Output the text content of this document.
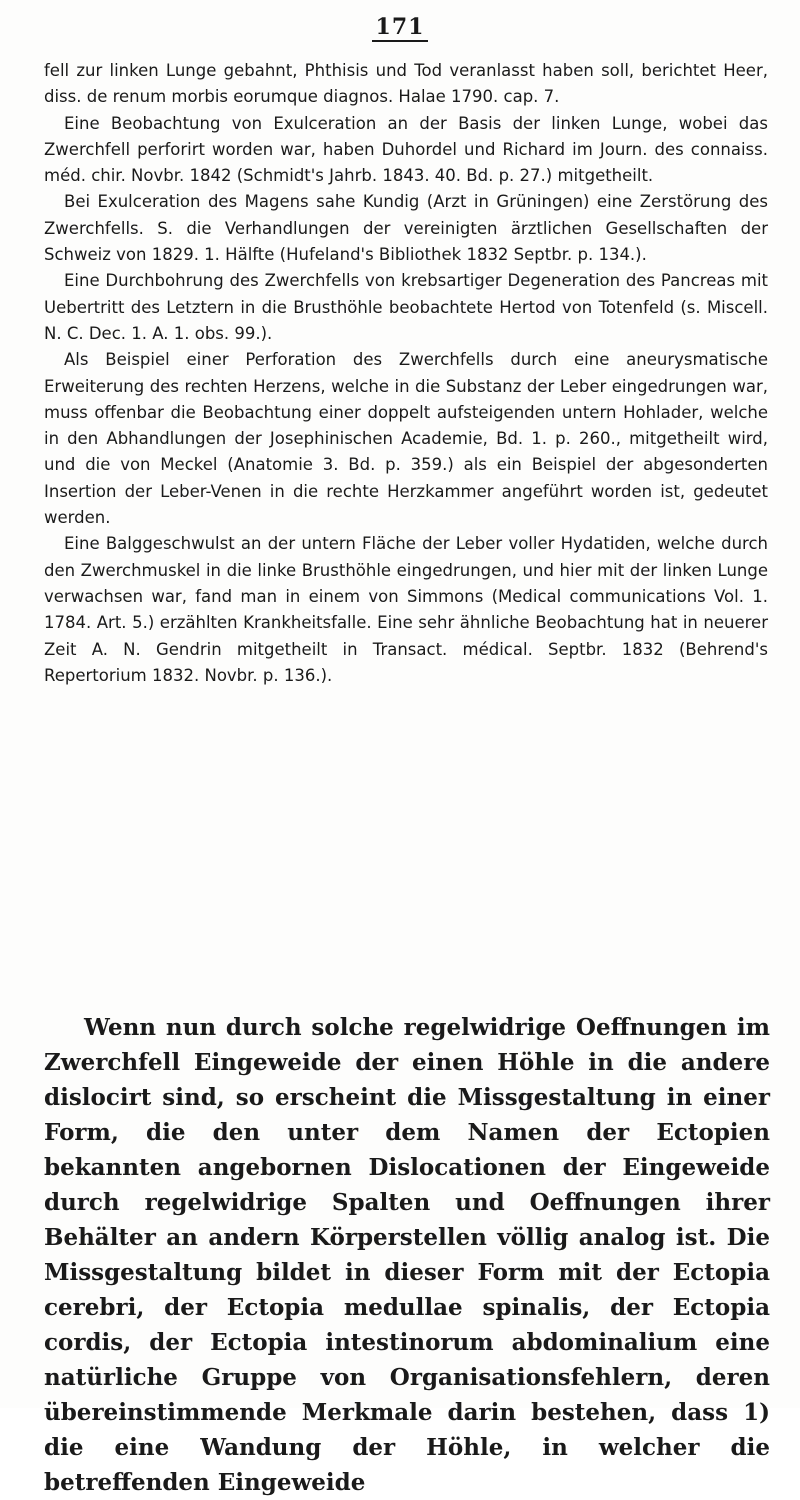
171

fell zur linken Lunge gebahnt, Phthisis und Tod veranlasst haben soll, berichtet Heer, diss. de renum morbis eorumque diagnos. Halae 1790. cap. 7.

Eine Beobachtung von Exulceration an der Basis der linken Lunge, wobei das Zwerchfell perforirt worden war, haben Duhordel und Richard im Journ. des connaiss. méd. chir. Novbr. 1842 (Schmidt's Jahrb. 1843. 40. Bd. p. 27.) mitgetheilt.

Bei Exulceration des Magens sahe Kundig (Arzt in Grüningen) eine Zerstörung des Zwerchfells. S. die Verhandlungen der vereinigten ärztlichen Gesellschaften der Schweiz von 1829. 1. Hälfte (Hufeland's Bibliothek 1832 Septbr. p. 134.).

Eine Durchbohrung des Zwerchfells von krebsartiger Degeneration des Pancreas mit Uebertritt des Letztern in die Brusthöhle beobachtete Hertod von Totenfeld (s. Miscell. N. C. Dec. 1. A. 1. obs. 99.).

Als Beispiel einer Perforation des Zwerchfells durch eine aneurysmatische Erweiterung des rechten Herzens, welche in die Substanz der Leber eingedrungen war, muss offenbar die Beobachtung einer doppelt aufsteigenden untern Hohlader, welche in den Abhandlungen der Josephinischen Academie, Bd. 1. p. 260., mitgetheilt wird, und die von Meckel (Anatomie 3. Bd. p. 359.) als ein Beispiel der abgesonderten Insertion der Leber-Venen in die rechte Herzkammer angeführt worden ist, gedeutet werden.

Eine Balggeschwulst an der untern Fläche der Leber voller Hydatiden, welche durch den Zwerchmuskel in die linke Brusthöhle eingedrungen, und hier mit der linken Lunge verwachsen war, fand man in einem von Simmons (Medical communications Vol. 1. 1784. Art. 5.) erzählten Krankheitsfalle. Eine sehr ähnliche Beobachtung hat in neuerer Zeit A. N. Gendrin mitgetheilt in Transact. médical. Septbr. 1832 (Behrend's Repertorium 1832. Novbr. p. 136.).

Wenn nun durch solche regelwidrige Oeffnungen im Zwerchfell Eingeweide der einen Höhle in die andere dislocirt sind, so erscheint die Missgestaltung in einer Form, die den unter dem Namen der Ectopien bekannten angebornen Dislocationen der Eingeweide durch regelwidrige Spalten und Oeffnungen ihrer Behälter an andern Körperstellen völlig analog ist. Die Missgestaltung bildet in dieser Form mit der Ectopia cerebri, der Ectopia medullae spinalis, der Ectopia cordis, der Ectopia intestinorum abdominalium eine natürliche Gruppe von Organisationsfehlern, deren übereinstimmende Merkmale darin bestehen, dass 1) die eine Wandung der Höhle, in welcher die betreffenden Eingeweide
